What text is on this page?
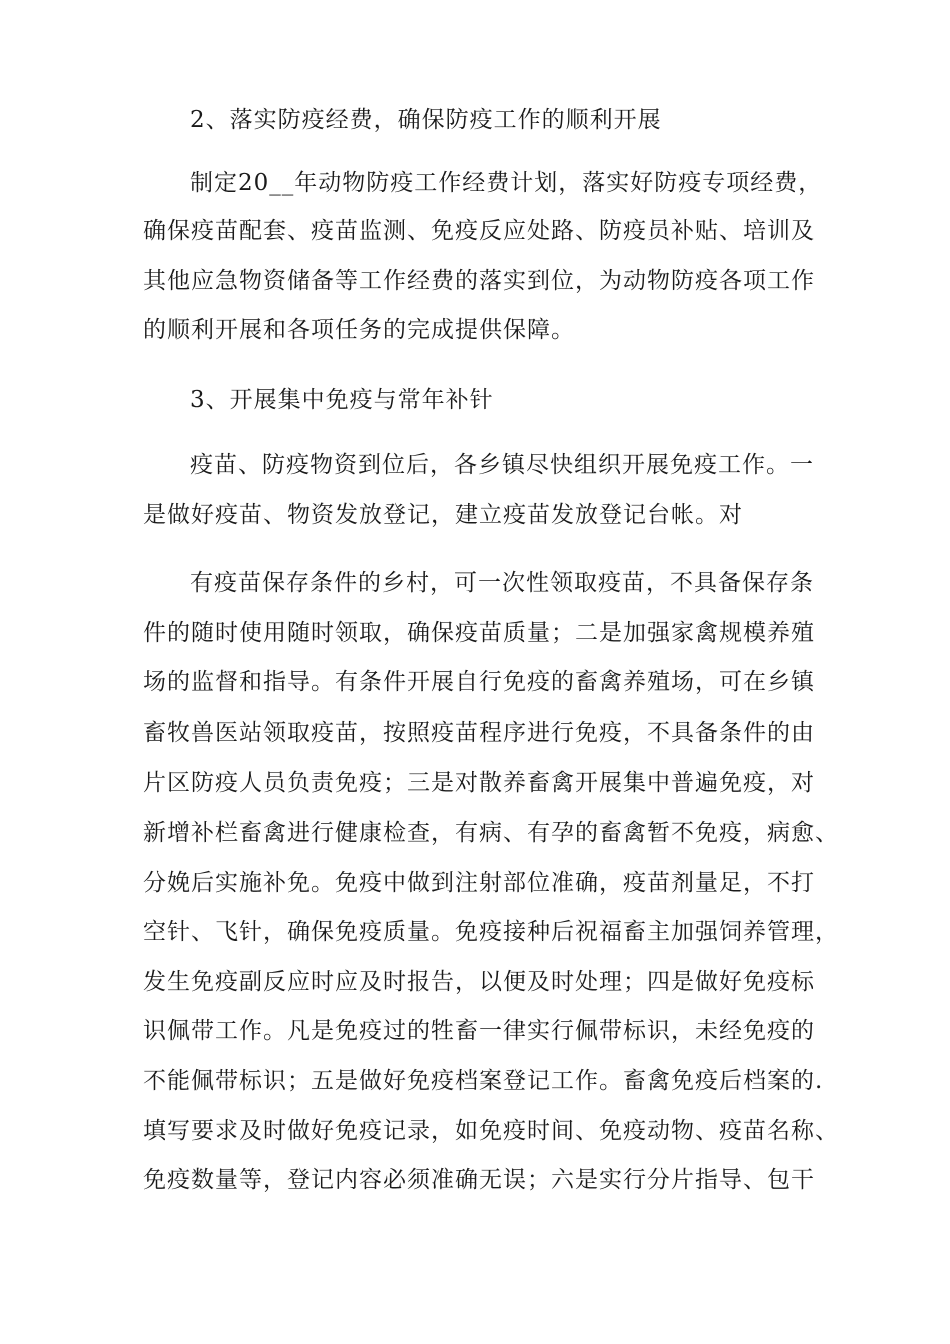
2、落实防疫经费，确保防疫工作的顺利开展

制定20__年动物防疫工作经费计划，落实好防疫专项经费，

确保疫苗配套、疫苗监测、免疫反应处路、防疫员补贴、培训及

其他应急物资储备等工作经费的落实到位，为动物防疫各项工作

的顺利开展和各项任务的完成提供保障。

3、开展集中免疫与常年补针

疫苗、防疫物资到位后，各乡镇尽快组织开展免疫工作。一

是做好疫苗、物资发放登记，建立疫苗发放登记台帐。对

有疫苗保存条件的乡村，可一次性领取疫苗，不具备保存条

件的随时使用随时领取，确保疫苗质量；二是加强家禽规模养殖

场的监督和指导。有条件开展自行免疫的畜禽养殖场，可在乡镇

畜牧兽医站领取疫苗，按照疫苗程序进行免疫，不具备条件的由

片区防疫人员负责免疫；三是对散养畜禽开展集中普遍免疫，对

新增补栏畜禽进行健康检查，有病、有孕的畜禽暂不免疫，病愈、

分娩后实施补免。免疫中做到注射部位准确，疫苗剂量足，不打

空针、飞针，确保免疫质量。免疫接种后祝福畜主加强饲养管理，

发生免疫副反应时应及时报告，以便及时处理；四是做好免疫标

识佩带工作。凡是免疫过的牲畜一律实行佩带标识，未经免疫的

不能佩带标识；五是做好免疫档案登记工作。畜禽免疫后档案的.

填写要求及时做好免疫记录，如免疫时间、免疫动物、疫苗名称、

免疫数量等，登记内容必须准确无误；六是实行分片指导、包干
